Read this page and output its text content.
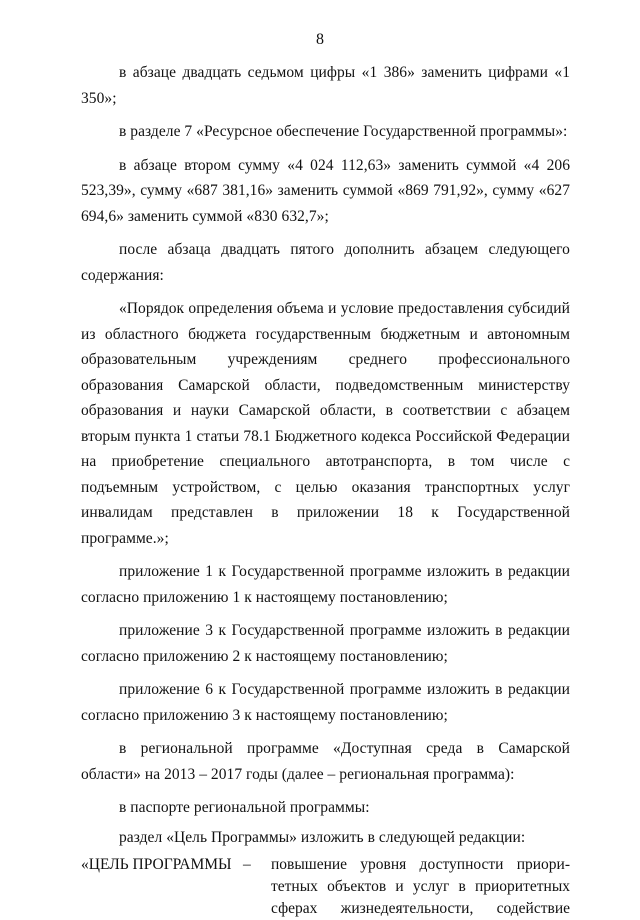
8

в абзаце двадцать седьмом цифры «1 386» заменить цифрами «1 350»;

в разделе 7 «Ресурсное обеспечение Государственной программы»:

в абзаце втором сумму «4 024 112,63» заменить суммой «4 206 523,39», сумму «687 381,16» заменить суммой «869 791,92», сумму «627 694,6» заменить суммой «830 632,7»;

после абзаца двадцать пятого дополнить абзацем следующего содержания:

«Порядок определения объема и условие предоставления субсидий из областного бюджета государственным бюджетным и автономным образовательным учреждениям среднего профессионального образования Самарской области, подведомственным министерству образования и науки Самарской области, в соответствии с абзацем вторым пункта 1 статьи 78.1 Бюджетного кодекса Российской Федерации на приобретение специального автотранспорта, в том числе с подъемным устройством, с целью оказания транспортных услуг инвалидам представлен в приложении 18 к Государственной программе.»;

приложение 1 к Государственной программе изложить в редакции согласно приложению 1 к настоящему постановлению;

приложение 3 к Государственной программе изложить в редакции согласно приложению 2 к настоящему постановлению;

приложение 6 к Государственной программе изложить в редакции согласно приложению 3 к настоящему постановлению;

в региональной программе «Доступная среда в Самарской области» на 2013 – 2017 годы (далее – региональная программа):

в паспорте региональной программы:

раздел «Цель Программы» изложить в следующей редакции:

«ЦЕЛЬ ПРОГРАММЫ –	повышение уровня доступности приори-
тетных объектов и услуг в приоритетных
сферах жизнедеятельности, содействие
